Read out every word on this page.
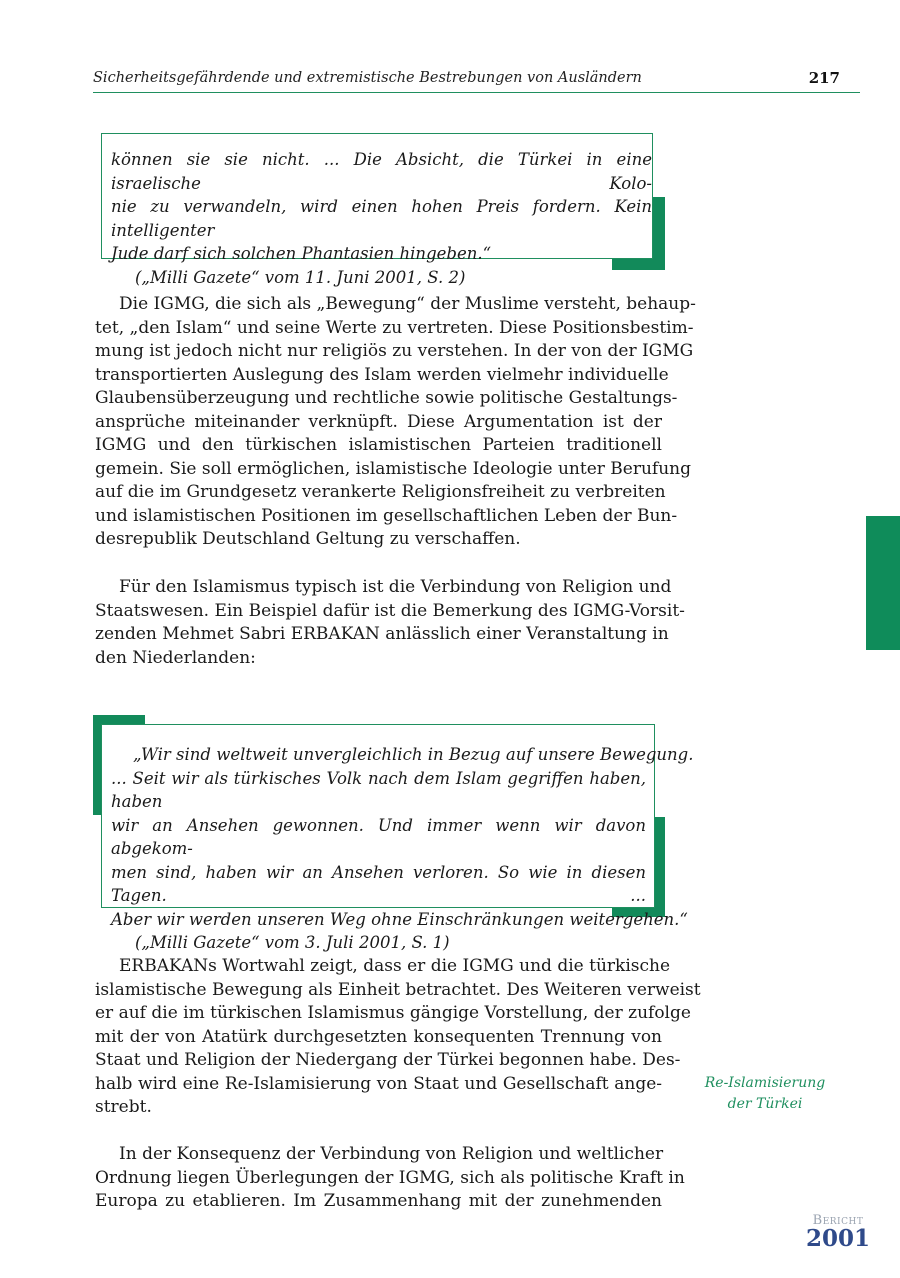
Sicherheitsgefährdende und extremistische Bestrebungen von Ausländern	217
können sie sie nicht. ... Die Absicht, die Türkei in eine israelische Kolo-
nie zu verwandeln, wird einen hohen Preis fordern. Kein intelligenter
Jude darf sich solchen Phantasien hingeben.“
(„Milli Gazete“ vom 11. Juni 2001, S. 2)
Die IGMG, die sich als „Bewegung“ der Muslime versteht, behaup-
tet, „den Islam“ und seine Werte zu vertreten. Diese Positionsbestim-
mung ist jedoch nicht nur religiös zu verstehen. In der von der IGMG
transportierten Auslegung des Islam werden vielmehr individuelle
Glaubensüberzeugung und rechtliche sowie politische Gestaltungs-
ansprüche miteinander verknüpft. Diese Argumentation ist der
IGMG und den türkischen islamistischen Parteien traditionell
gemein. Sie soll ermöglichen, islamistische Ideologie unter Berufung
auf die im Grundgesetz verankerte Religionsfreiheit zu verbreiten
und islamistischen Positionen im gesellschaftlichen Leben der Bun-
desrepublik Deutschland Geltung zu verschaffen.
Für den Islamismus typisch ist die Verbindung von Religion und
Staatswesen. Ein Beispiel dafür ist die Bemerkung des IGMG-Vorsit-
zenden Mehmet Sabri ERBAKAN anlässlich einer Veranstaltung in
den Niederlanden:
„Wir sind weltweit unvergleichlich in Bezug auf unsere Bewegung.
... Seit wir als türkisches Volk nach dem Islam gegriffen haben, haben
wir an Ansehen gewonnen. Und immer wenn wir davon abgekom-
men sind, haben wir an Ansehen verloren. So wie in diesen Tagen. ...
Aber wir werden unseren Weg ohne Einschränkungen weitergehen.“
(„Milli Gazete“ vom 3. Juli 2001, S. 1)
ERBAKANs Wortwahl zeigt, dass er die IGMG und die türkische
islamistische Bewegung als Einheit betrachtet. Des Weiteren verweist
er auf die im türkischen Islamismus gängige Vorstellung, der zufolge
mit der von Atatürk durchgesetzten konsequenten Trennung von
Staat und Religion der Niedergang der Türkei begonnen habe. Des-
halb wird eine Re-Islamisierung von Staat und Gesellschaft ange-
strebt.
In der Konsequenz der Verbindung von Religion und weltlicher
Ordnung liegen Überlegungen der IGMG, sich als politische Kraft in
Europa zu etablieren. Im Zusammenhang mit der zunehmenden
Re-Islamisierung
der Türkei
Bericht
2001
